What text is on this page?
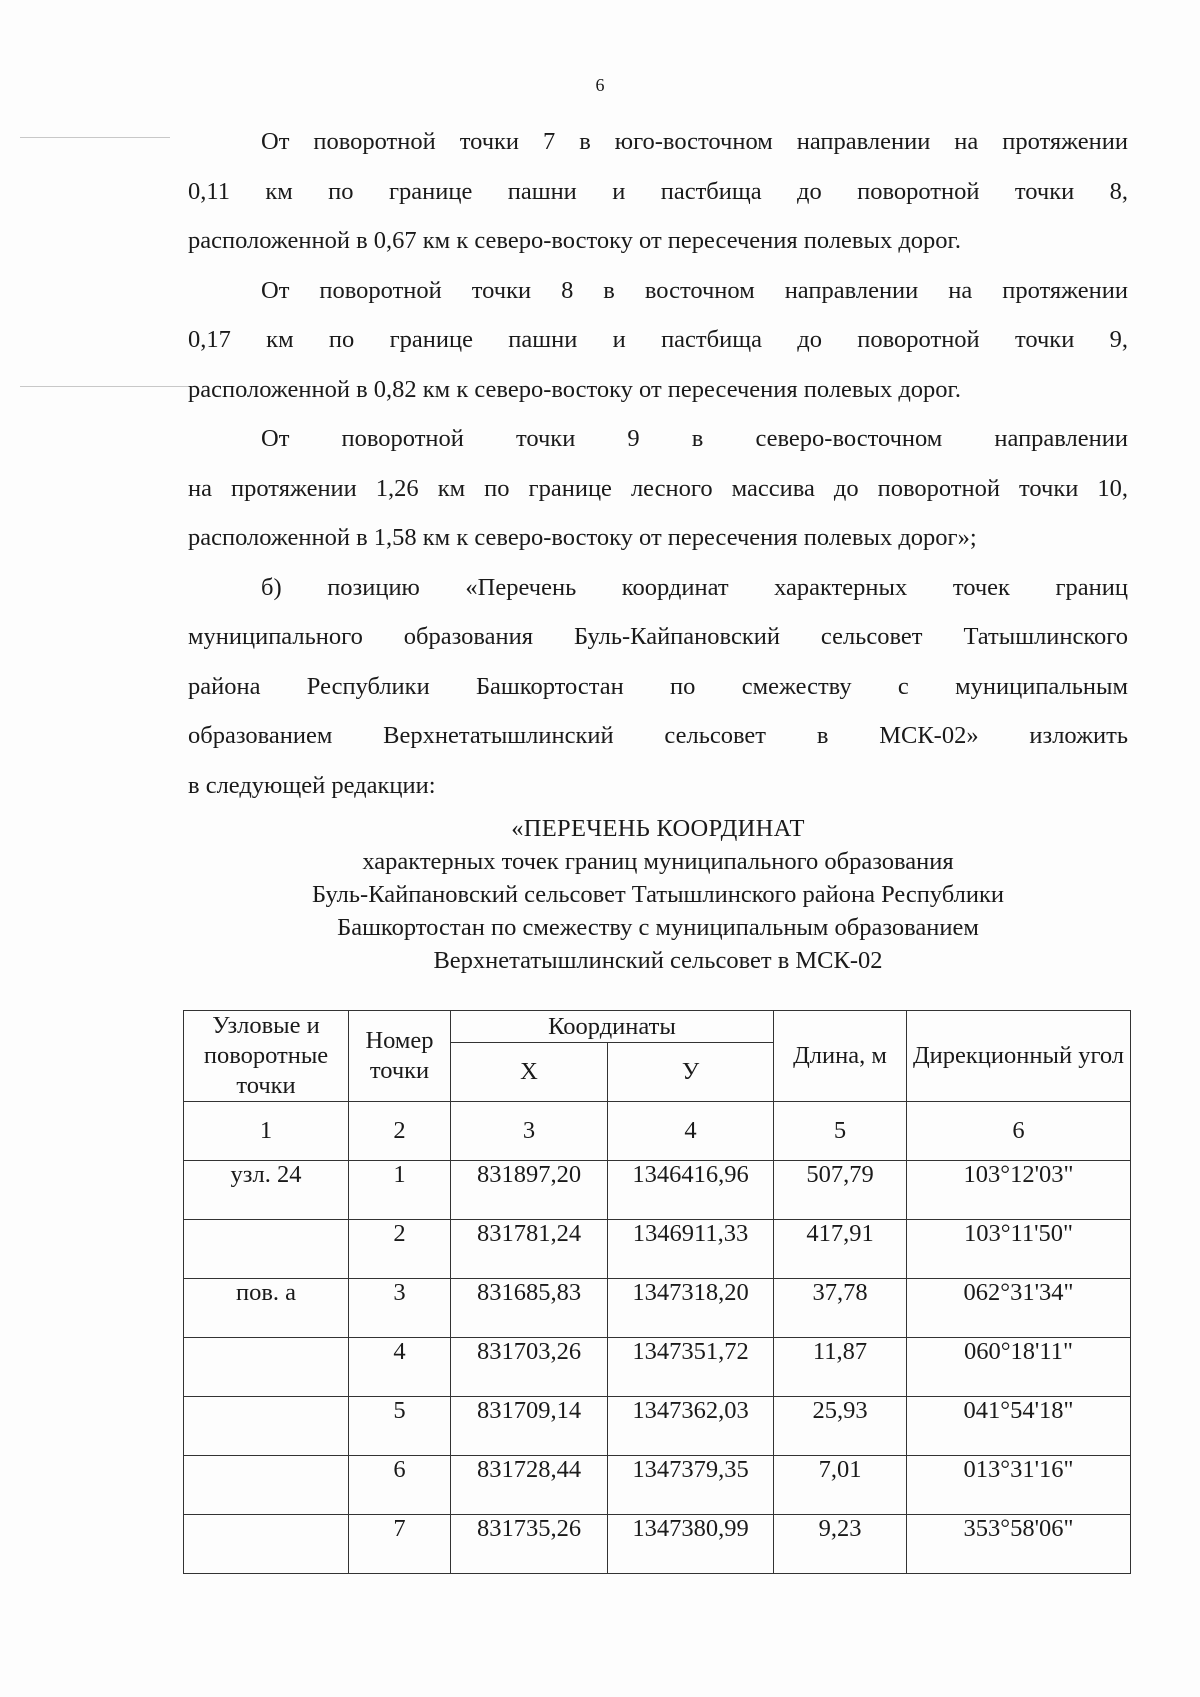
6

От поворотной точки 7 в юго-восточном направлении на протяжении
0,11 км по границе пашни и пастбища до поворотной точки 8,
расположенной в 0,67 км к северо-востоку от пересечения полевых дорог.

От поворотной точки 8 в восточном направлении на протяжении
0,17 км по границе пашни и пастбища до поворотной точки 9,
расположенной в 0,82 км к северо-востоку от пересечения полевых дорог.

От поворотной точки 9 в северо-восточном направлении
на протяжении 1,26 км по границе лесного массива до поворотной точки 10,
расположенной в 1,58 км к северо-востоку от пересечения полевых дорог»;

б) позицию «Перечень координат характерных точек границ
муниципального образования Буль-Кайпановский сельсовет Татышлинского
района Республики Башкортостан по смежеству с муниципальным
образованием Верхнетатышлинский сельсовет в МСК-02» изложить
в следующей редакции:

«ПЕРЕЧЕНЬ КООРДИНАТ
характерных точек границ муниципального образования
Буль-Кайпановский сельсовет Татышлинского района Республики
Башкортостан по смежеству с муниципальным образованием
Верхнетатышлинский сельсовет в МСК-02
Узловые и поворотные точки	Номер точки	Координаты		Длина, м	Дирекционный угол
		Х	У		
1	2	3	4	5	6
узл. 24	1	831897,20	1346416,96	507,79	103°12'03"
	2	831781,24	1346911,33	417,91	103°11'50"
пов. а	3	831685,83	1347318,20	37,78	062°31'34"
	4	831703,26	1347351,72	11,87	060°18'11"
	5	831709,14	1347362,03	25,93	041°54'18"
	6	831728,44	1347379,35	7,01	013°31'16"
	7	831735,26	1347380,99	9,23	353°58'06"
